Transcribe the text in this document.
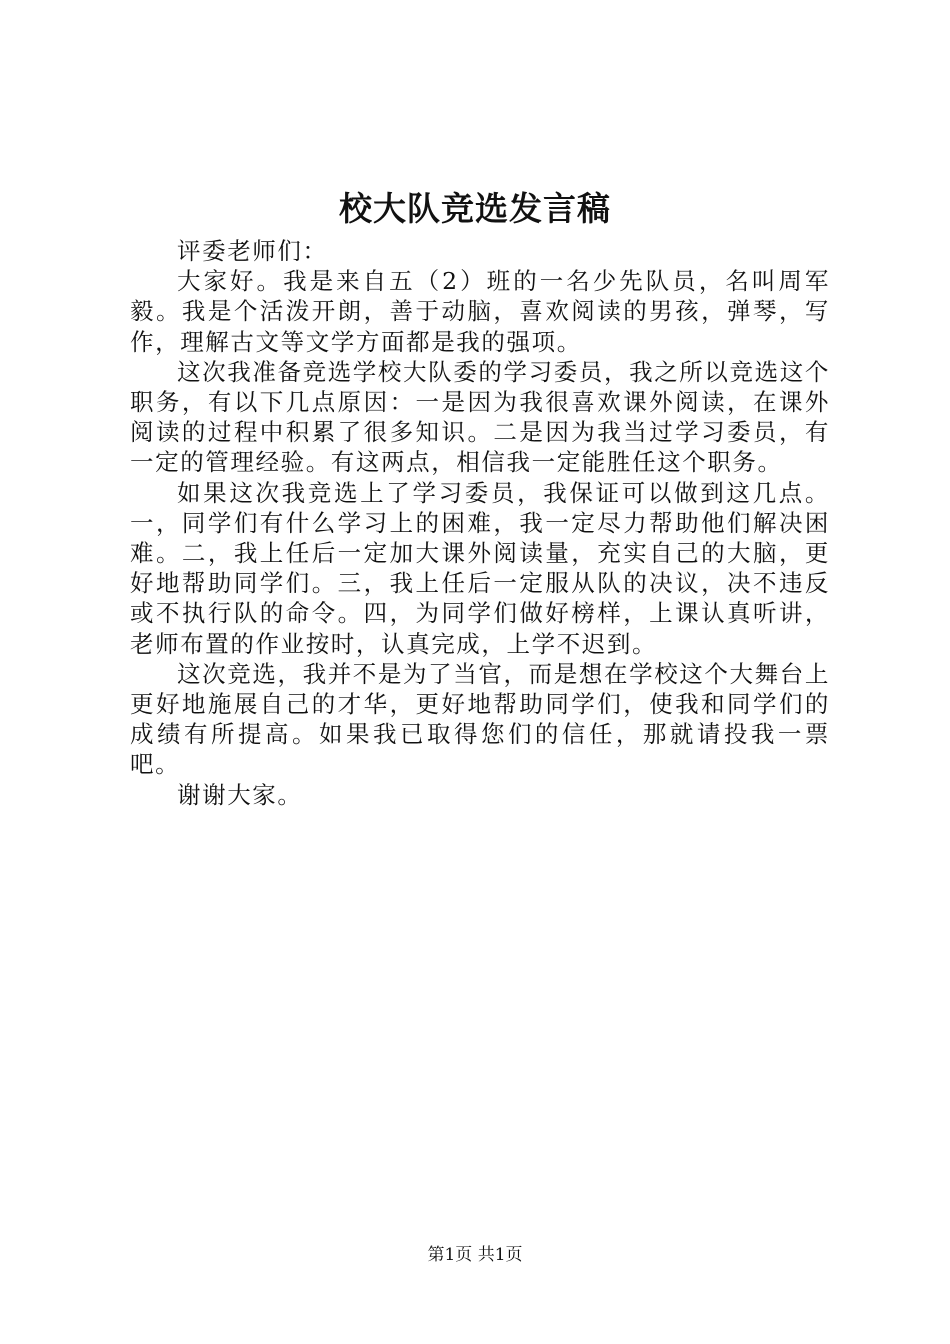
校大队竞选发言稿

评委老师们：

大家好。我是来自五（2）班的一名少先队员，名叫周军毅。我是个活泼开朗，善于动脑，喜欢阅读的男孩，弹琴，写作，理解古文等文学方面都是我的强项。

这次我准备竞选学校大队委的学习委员，我之所以竞选这个职务，有以下几点原因：一是因为我很喜欢课外阅读，在课外阅读的过程中积累了很多知识。二是因为我当过学习委员，有一定的管理经验。有这两点，相信我一定能胜任这个职务。

如果这次我竞选上了学习委员，我保证可以做到这几点。一，同学们有什么学习上的困难，我一定尽力帮助他们解决困难。二，我上任后一定加大课外阅读量，充实自己的大脑，更好地帮助同学们。三，我上任后一定服从队的决议，决不违反或不执行队的命令。四，为同学们做好榜样，上课认真听讲，老师布置的作业按时，认真完成，上学不迟到。

这次竞选，我并不是为了当官，而是想在学校这个大舞台上更好地施展自己的才华，更好地帮助同学们，使我和同学们的成绩有所提高。如果我已取得您们的信任，那就请投我一票吧。

谢谢大家。

第1页 共1页
